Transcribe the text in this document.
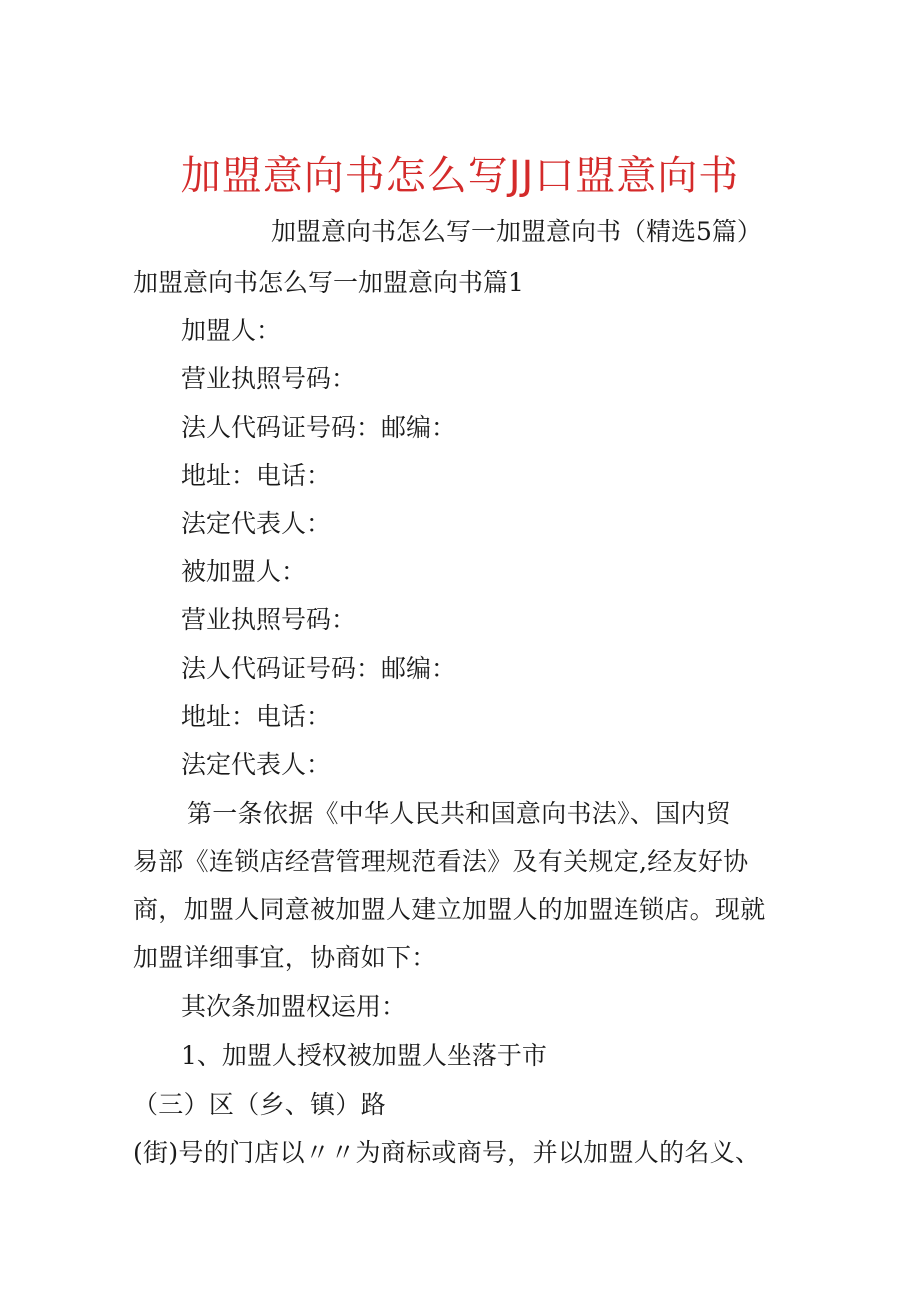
加盟意向书怎么写JJ口盟意向书
加盟意向书怎么写一加盟意向书（精选5篇）
加盟意向书怎么写一加盟意向书篇1
加盟人：
营业执照号码：
法人代码证号码：邮编：
地址：电话：
法定代表人：
被加盟人：
营业执照号码：
法人代码证号码：邮编：
地址：电话：
法定代表人：
第一条依据《中华人民共和国意向书法》、国内贸
易部《连锁店经营管理规范看法》及有关规定,经友好协
商，加盟人同意被加盟人建立加盟人的加盟连锁店。现就
加盟详细事宜，协商如下：
其次条加盟权运用：
1、加盟人授权被加盟人坐落于市
（三）区（乡、镇）路
(街)号的门店以〃〃为商标或商号，并以加盟人的名义、
